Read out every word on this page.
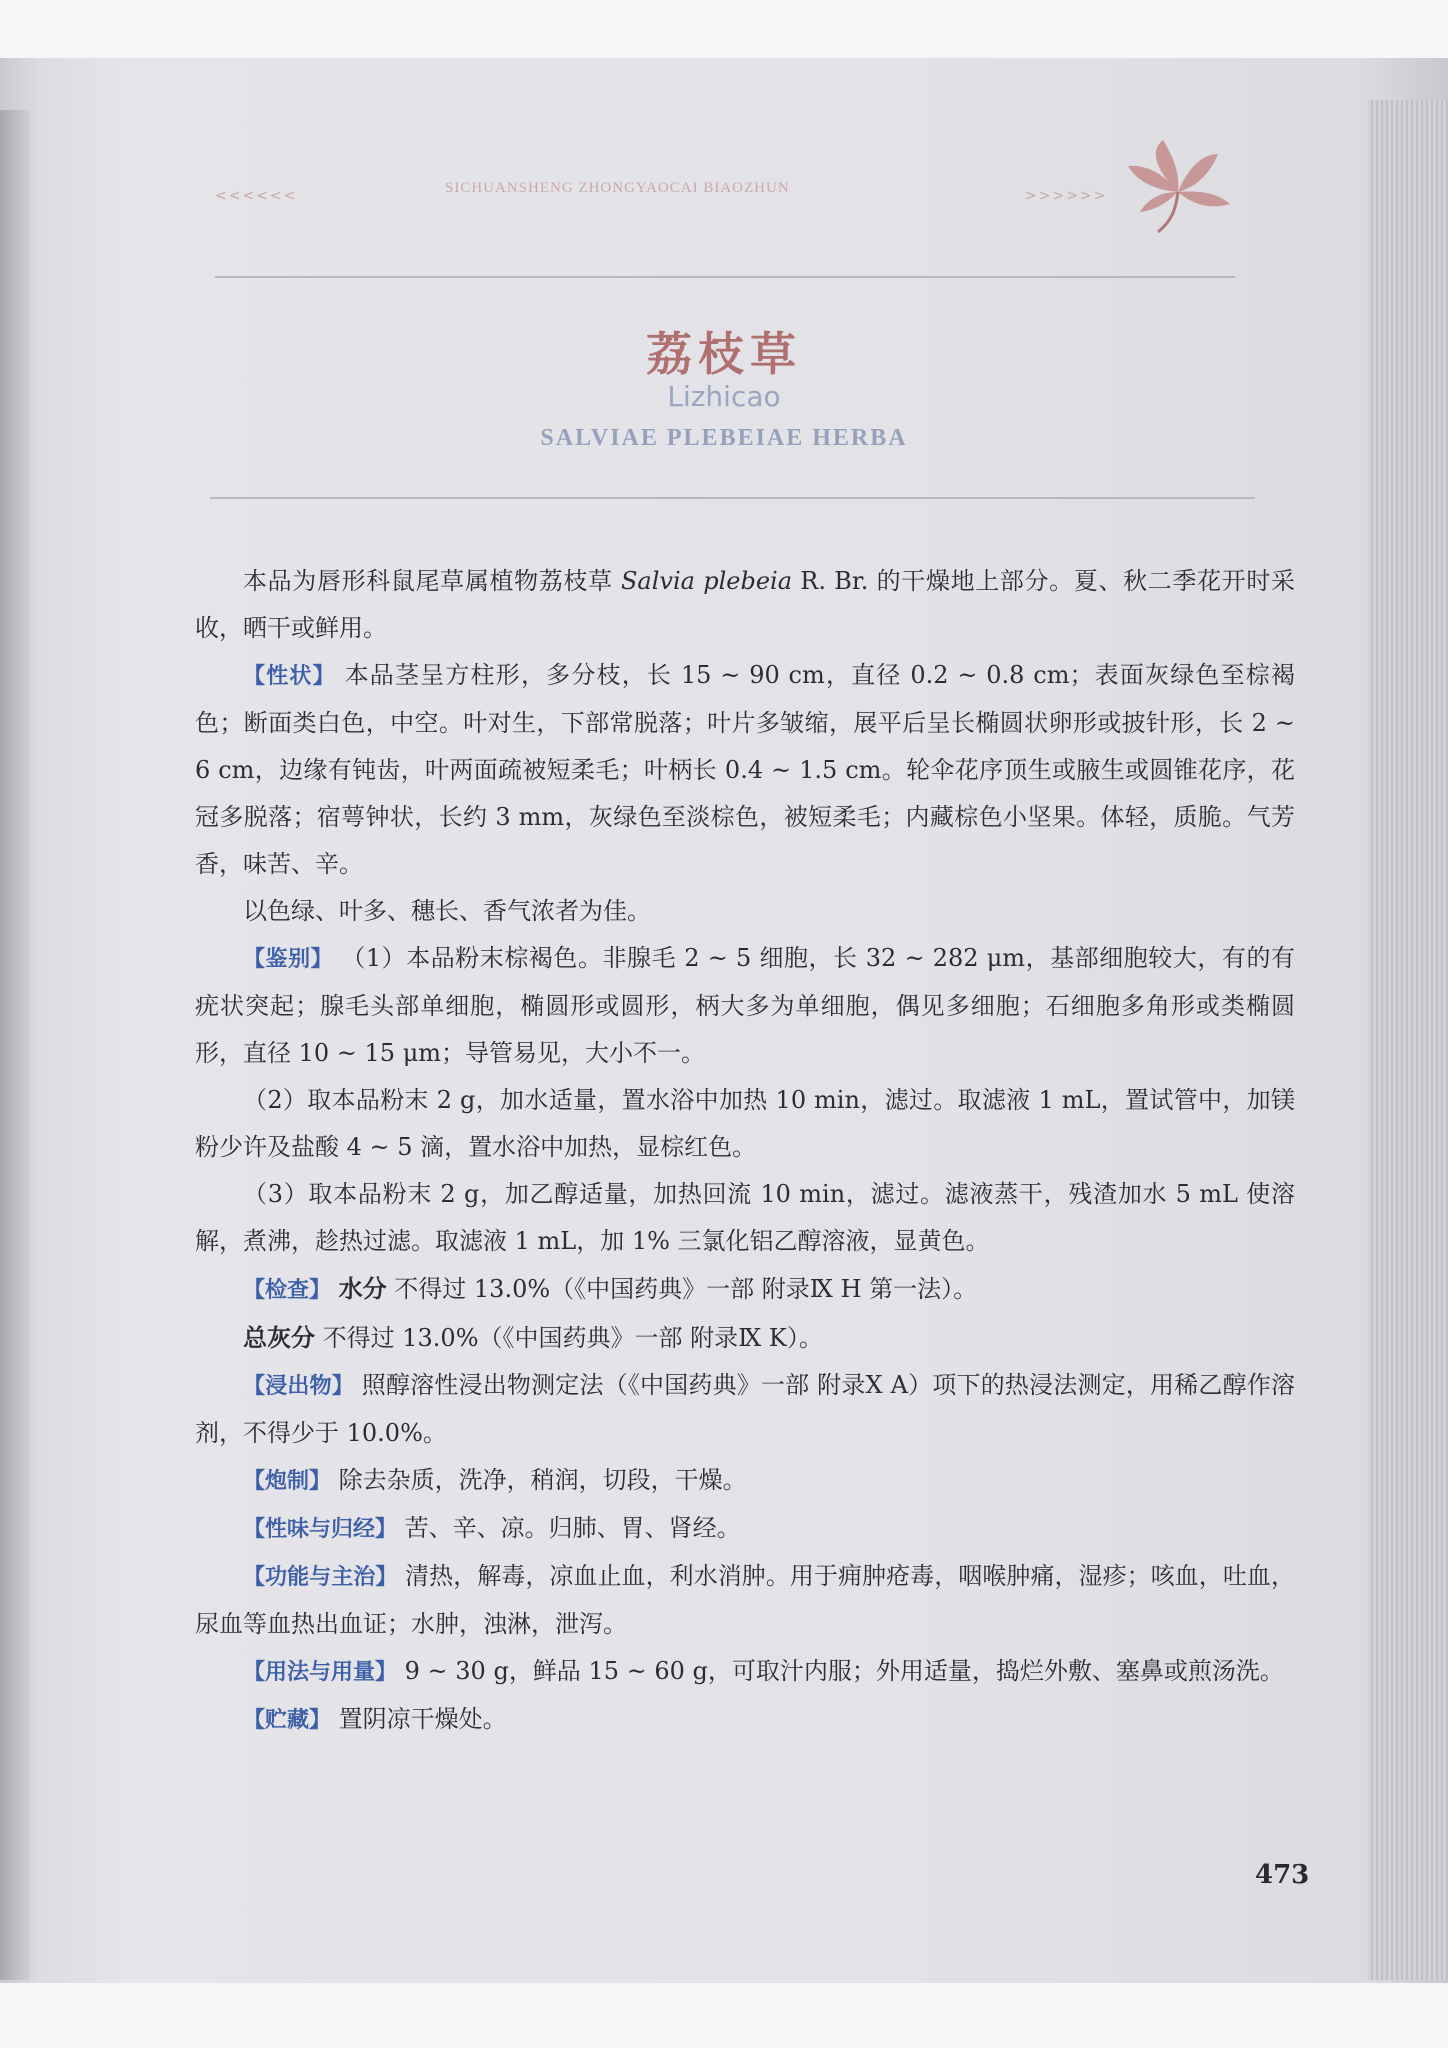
<<<<<<	SICHUANSHENG ZHONGYAOCAI BIAOZHUN	>>>>>>
荔枝草
Lizhicao
SALVIAE PLEBEIAE HERBA

本品为唇形科鼠尾草属植物荔枝草 Salvia plebeia R. Br. 的干燥地上部分。夏、秋二季花开时采收，晒干或鲜用。

【性状】 本品茎呈方柱形，多分枝，长 15 ~ 90 cm，直径 0.2 ~ 0.8 cm；表面灰绿色至棕褐色；断面类白色，中空。叶对生，下部常脱落；叶片多皱缩，展平后呈长椭圆状卵形或披针形，长 2 ~ 6 cm，边缘有钝齿，叶两面疏被短柔毛；叶柄长 0.4 ~ 1.5 cm。轮伞花序顶生或腋生或圆锥花序，花冠多脱落；宿萼钟状，长约 3 mm，灰绿色至淡棕色，被短柔毛；内藏棕色小坚果。体轻，质脆。气芳香，味苦、辛。

以色绿、叶多、穗长、香气浓者为佳。

【鉴别】 （1）本品粉末棕褐色。非腺毛 2 ~ 5 细胞，长 32 ~ 282 μm，基部细胞较大，有的有疣状突起；腺毛头部单细胞，椭圆形或圆形，柄大多为单细胞，偶见多细胞；石细胞多角形或类椭圆形，直径 10 ~ 15 μm；导管易见，大小不一。

（2）取本品粉末 2 g，加水适量，置水浴中加热 10 min，滤过。取滤液 1 mL，置试管中，加镁粉少许及盐酸 4 ~ 5 滴，置水浴中加热，显棕红色。

（3）取本品粉末 2 g，加乙醇适量，加热回流 10 min，滤过。滤液蒸干，残渣加水 5 mL 使溶解，煮沸，趁热过滤。取滤液 1 mL，加 1% 三氯化铝乙醇溶液，显黄色。

【检查】 水分 不得过 13.0%（《中国药典》一部 附录Ⅸ H 第一法）。

总灰分 不得过 13.0%（《中国药典》一部 附录Ⅸ K）。

【浸出物】 照醇溶性浸出物测定法（《中国药典》一部 附录Ⅹ A）项下的热浸法测定，用稀乙醇作溶剂，不得少于 10.0%。

【炮制】 除去杂质，洗净，稍润，切段，干燥。

【性味与归经】 苦、辛、凉。归肺、胃、肾经。

【功能与主治】 清热，解毒，凉血止血，利水消肿。用于痈肿疮毒，咽喉肿痛，湿疹；咳血，吐血，尿血等血热出血证；水肿，浊淋，泄泻。

【用法与用量】 9 ~ 30 g，鲜品 15 ~ 60 g，可取汁内服；外用适量，捣烂外敷、塞鼻或煎汤洗。

【贮藏】 置阴凉干燥处。

473
